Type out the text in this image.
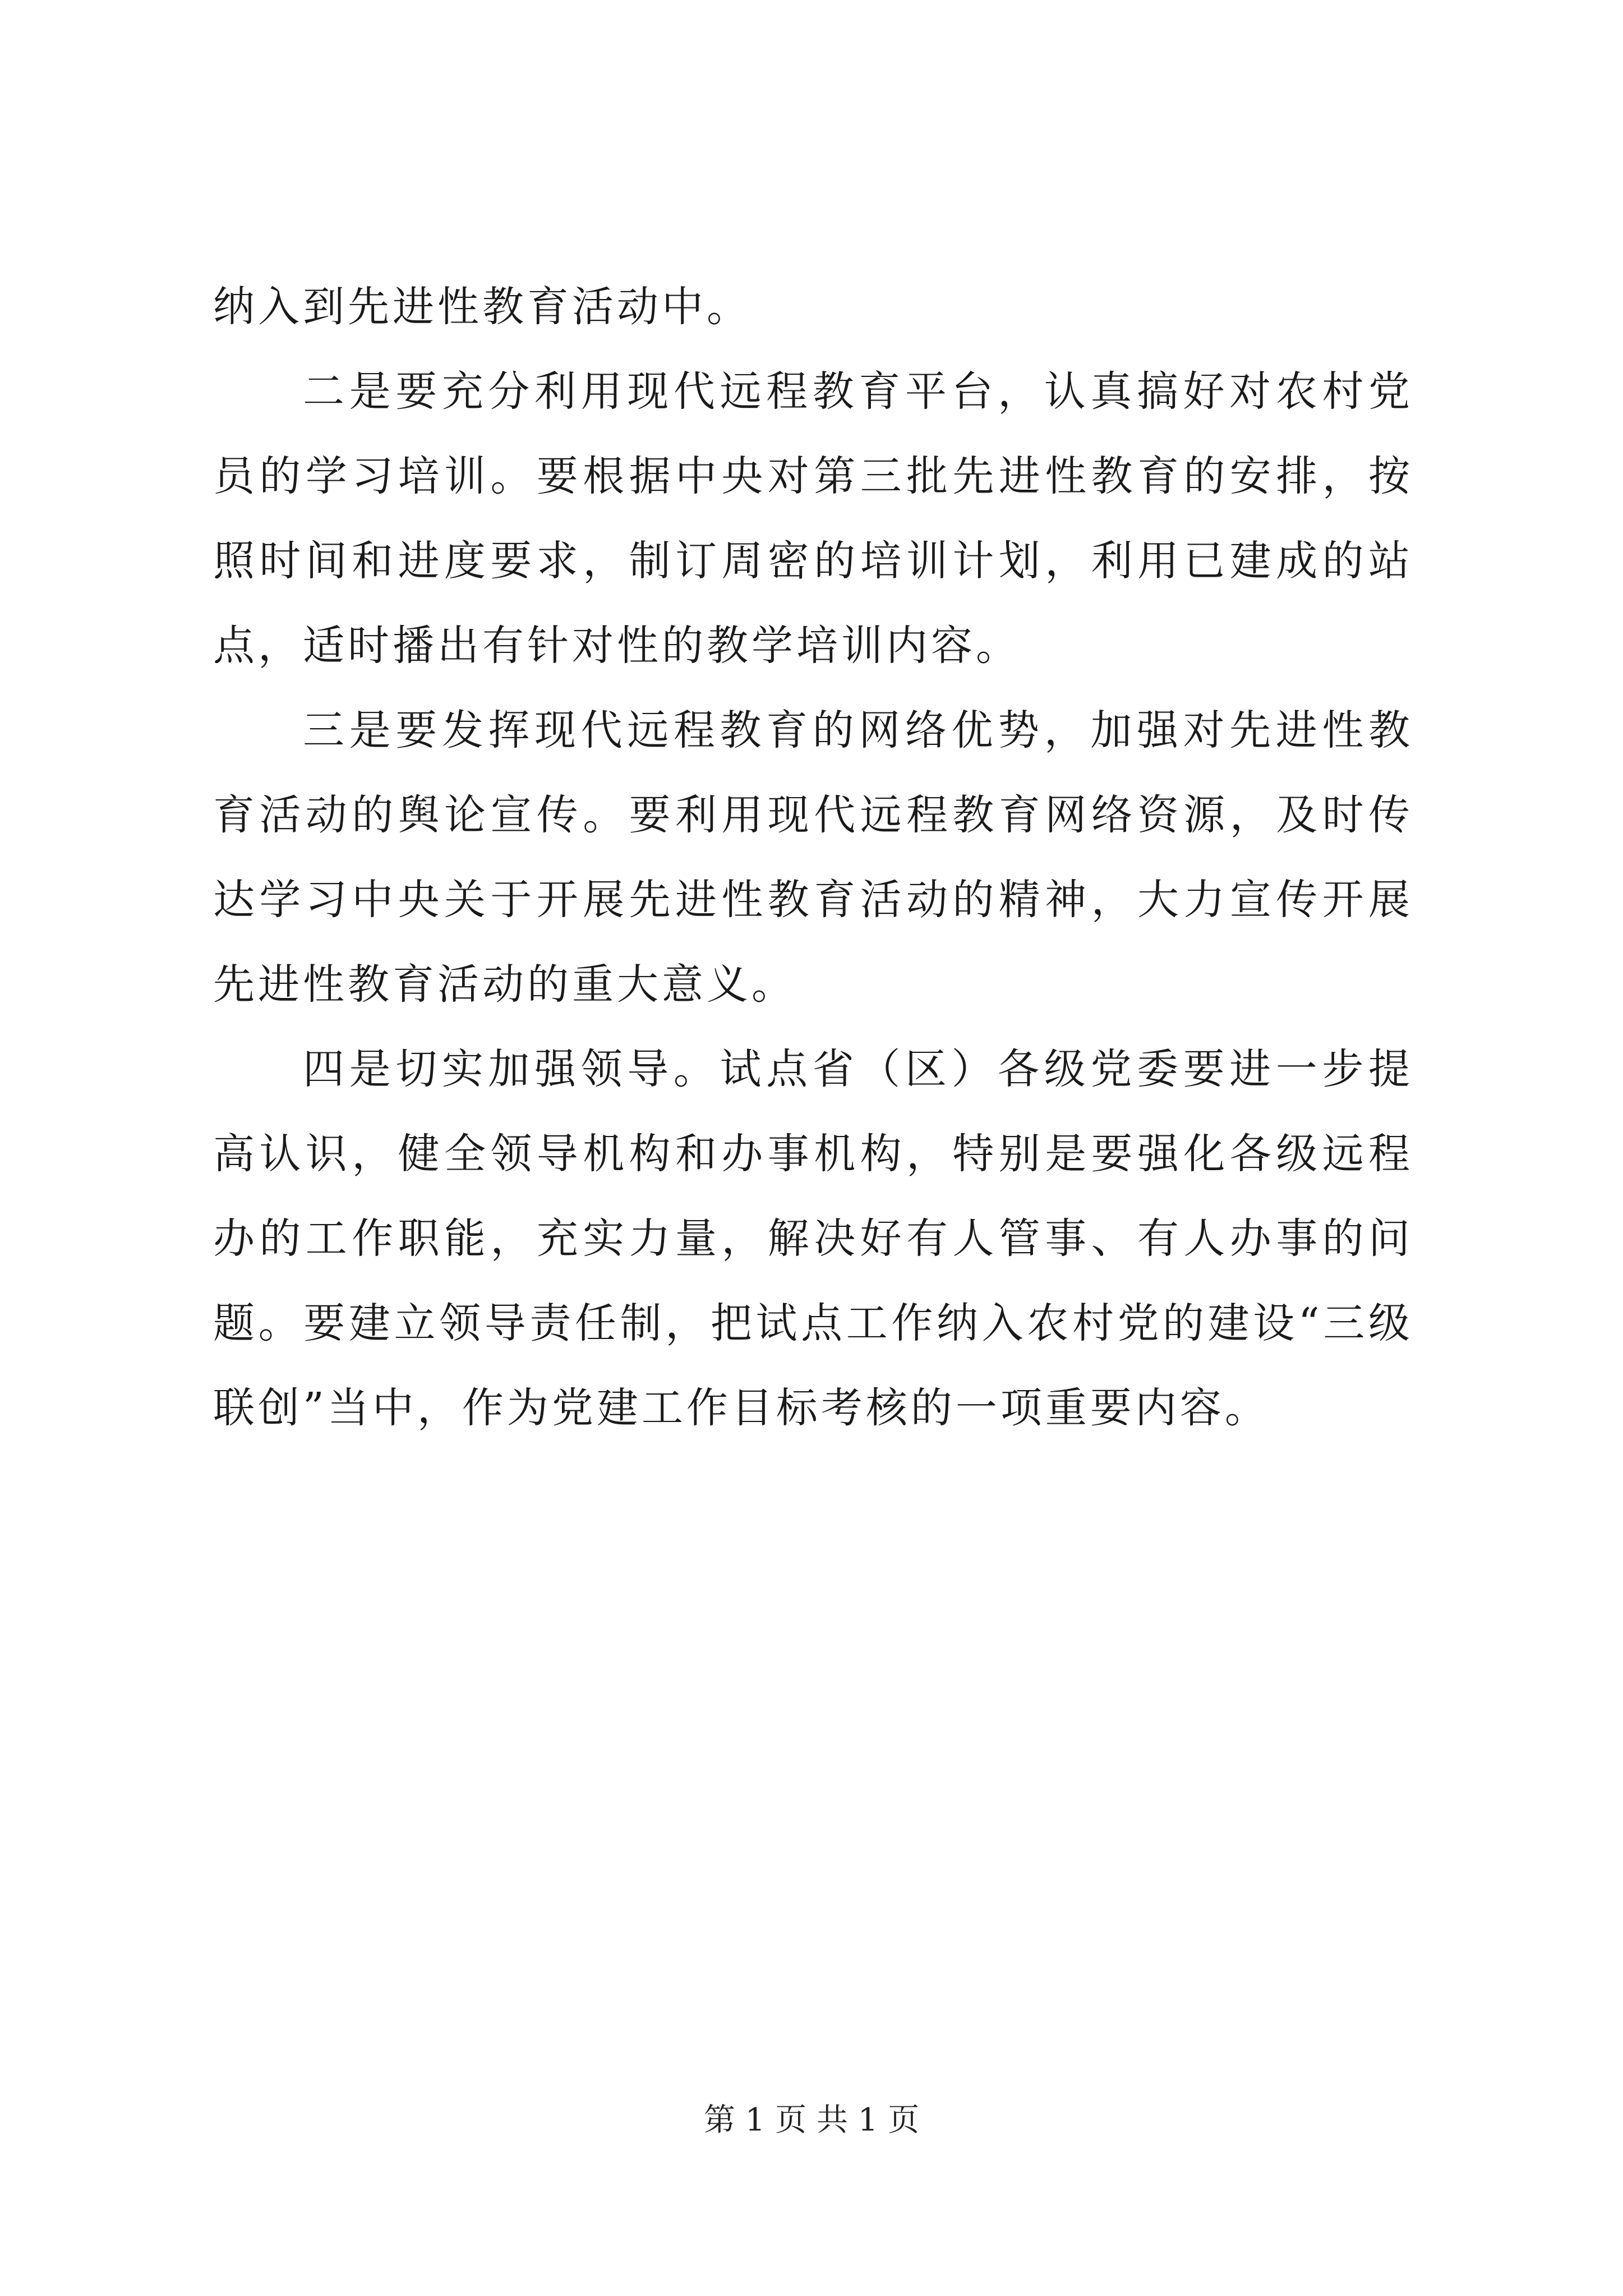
纳入到先进性教育活动中。

二是要充分利用现代远程教育平台，认真搞好对农村党员的学习培训。要根据中央对第三批先进性教育的安排，按照时间和进度要求，制订周密的培训计划，利用已建成的站点，适时播出有针对性的教学培训内容。

三是要发挥现代远程教育的网络优势，加强对先进性教育活动的舆论宣传。要利用现代远程教育网络资源，及时传达学习中央关于开展先进性教育活动的精神，大力宣传开展先进性教育活动的重大意义。

四是切实加强领导。试点省（区）各级党委要进一步提高认识，健全领导机构和办事机构，特别是要强化各级远程办的工作职能，充实力量，解决好有人管事、有人办事的问题。要建立领导责任制，把试点工作纳入农村党的建设“三级联创”当中，作为党建工作目标考核的一项重要内容。

第 1 页 共 1 页
